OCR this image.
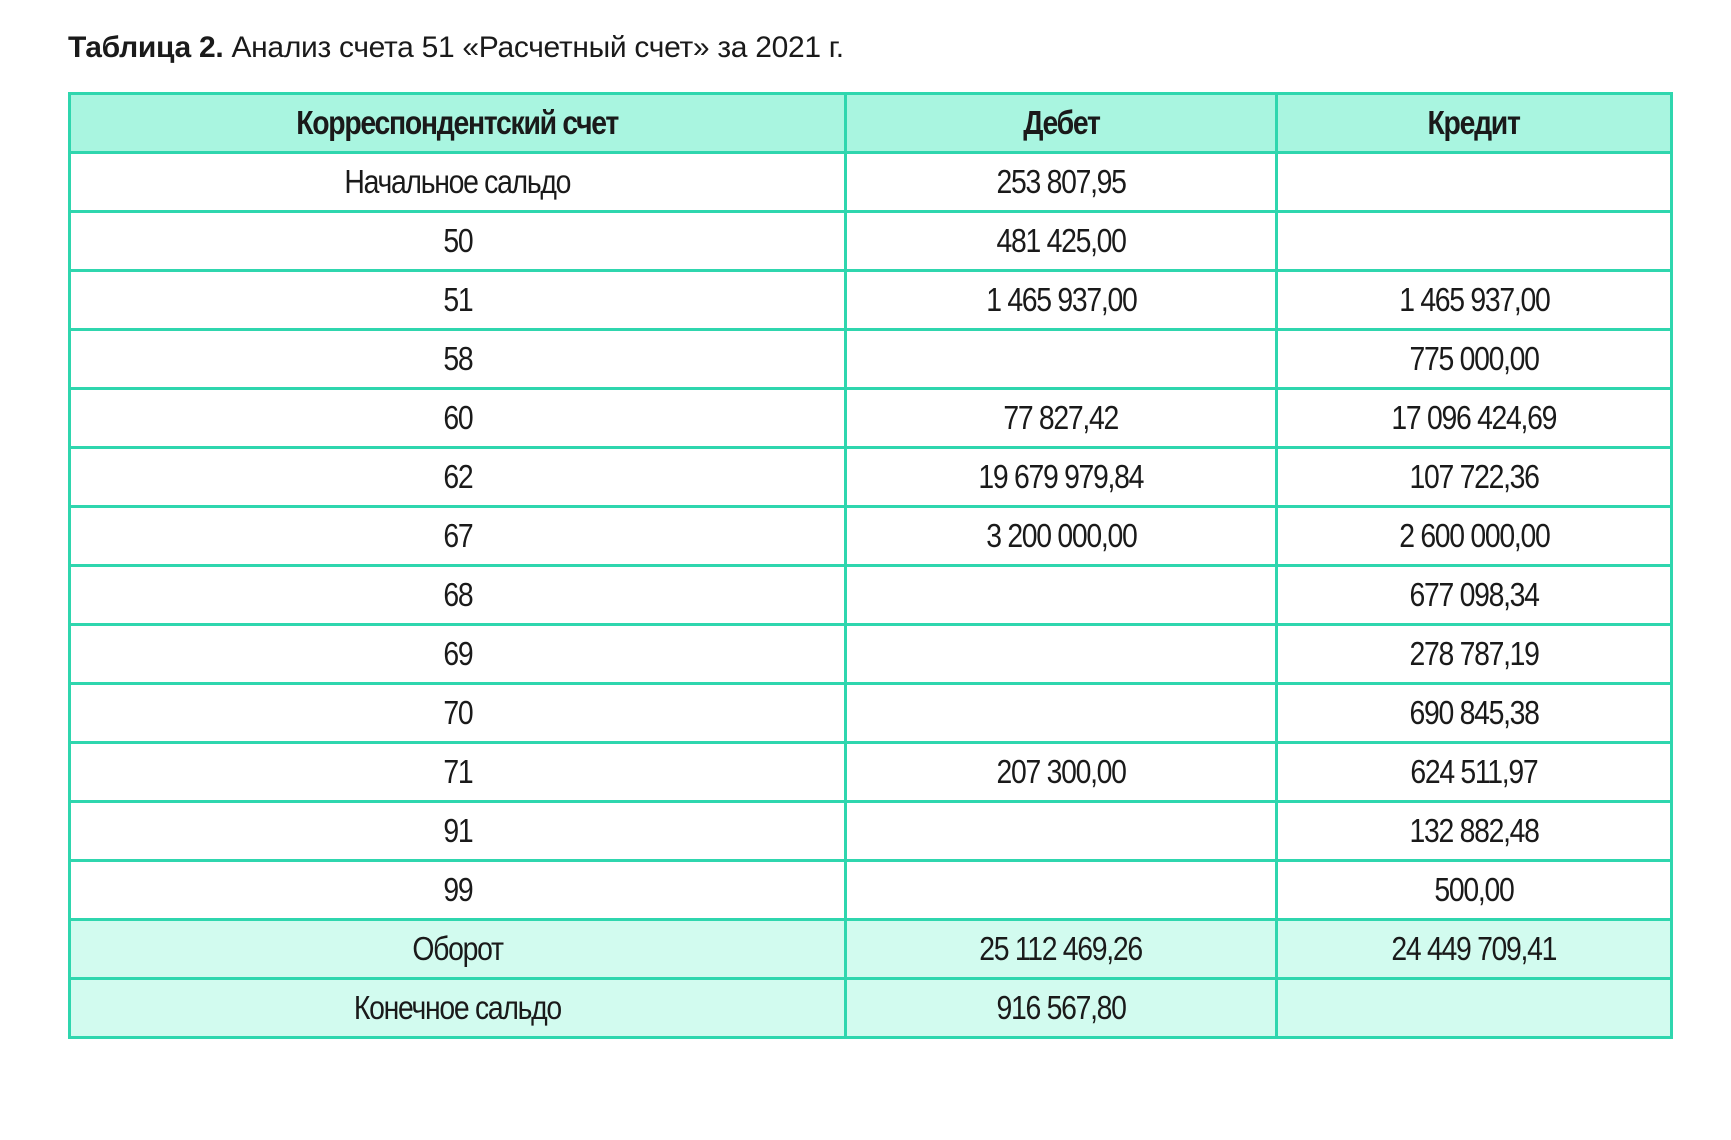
Таблица 2. Анализ счета 51 «Расчетный счет» за 2021 г.
Корреспондентский счет	Дебет	Кредит
Начальное сальдо	253 807,95	
50	481 425,00	
51	1 465 937,00	1 465 937,00
58		775 000,00
60	77 827,42	17 096 424,69
62	19 679 979,84	107 722,36
67	3 200 000,00	2 600 000,00
68		677 098,34
69		278 787,19
70		690 845,38
71	207 300,00	624 511,97
91		132 882,48
99		500,00
Оборот	25 112 469,26	24 449 709,41
Конечное сальдо	916 567,80	
